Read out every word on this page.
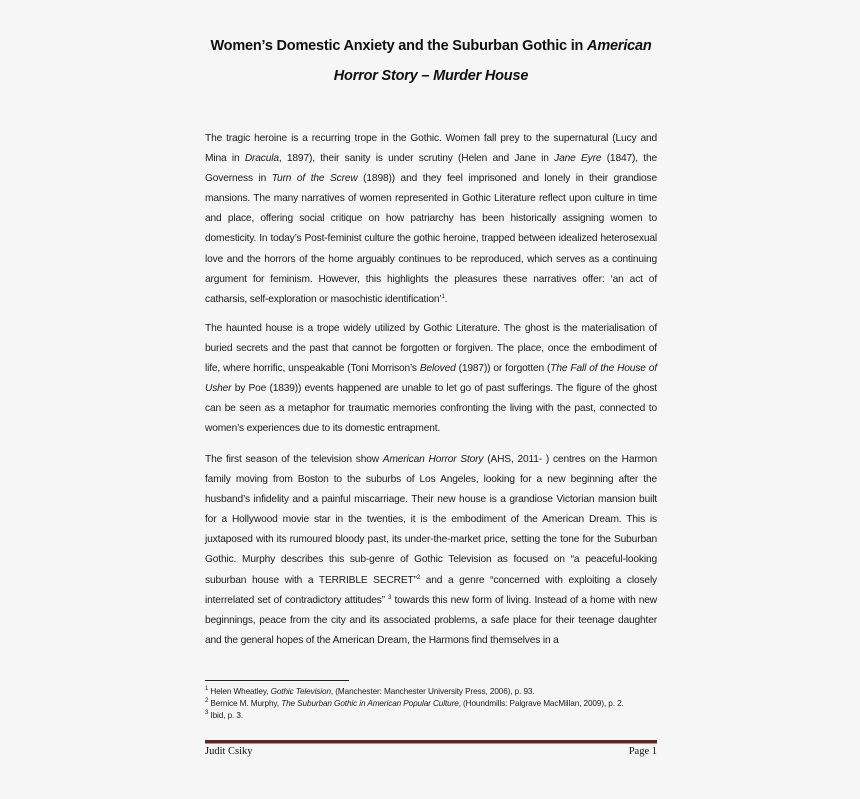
Women’s Domestic Anxiety and the Suburban Gothic in American
Horror Story – Murder House

The tragic heroine is a recurring trope in the Gothic. Women fall prey to the supernatural (Lucy and Mina in Dracula, 1897), their sanity is under scrutiny (Helen and Jane in Jane Eyre (1847), the Governess in Turn of the Screw (1898)) and they feel imprisoned and lonely in their grandiose mansions. The many narratives of women represented in Gothic Literature reflect upon culture in time and place, offering social critique on how patriarchy has been historically assigning women to domesticity. In today’s Post-feminist culture the gothic heroine, trapped between idealized heterosexual love and the horrors of the home arguably continues to be reproduced, which serves as a continuing argument for feminism. However, this highlights the pleasures these narratives offer: ‘an act of catharsis, self-exploration or masochistic identification’$^1$.

The haunted house is a trope widely utilized by Gothic Literature. The ghost is the materialisation of buried secrets and the past that cannot be forgotten or forgiven. The place, once the embodiment of life, where horrific, unspeakable (Toni Morrison’s Beloved (1987)) or forgotten (The Fall of the House of Usher by Poe (1839)) events happened are unable to let go of past sufferings. The figure of the ghost can be seen as a metaphor for traumatic memories confronting the living with the past, connected to women’s experiences due to its domestic entrapment.

The first season of the television show American Horror Story (AHS, 2011- ) centres on the Harmon family moving from Boston to the suburbs of Los Angeles, looking for a new beginning after the husband’s infidelity and a painful miscarriage. Their new house is a grandiose Victorian mansion built for a Hollywood movie star in the twenties, it is the embodiment of the American Dream. This is juxtaposed with its rumoured bloody past, its under-the-market price, setting the tone for the Suburban Gothic. Murphy describes this sub-genre of Gothic Television as focused on “a peaceful-looking suburban house with a TERRIBLE SECRET”$^2$ and a genre “concerned with exploiting a closely interrelated set of contradictory attitudes” $^3$ towards this new form of living. Instead of a home with new beginnings, peace from the city and its associated problems, a safe place for their teenage daughter and the general hopes of the American Dream, the Harmons find themselves in a

$^1$ Helen Wheatley, Gothic Television, (Manchester: Manchester University Press, 2006), p. 93.

$^2$ Bernice M. Murphy, The Suburban Gothic in American Popular Culture, (Houndmills: Palgrave MacMillan, 2009), p. 2.

$^3$ Ibid, p. 3.

Judit Csiky	Page 1
